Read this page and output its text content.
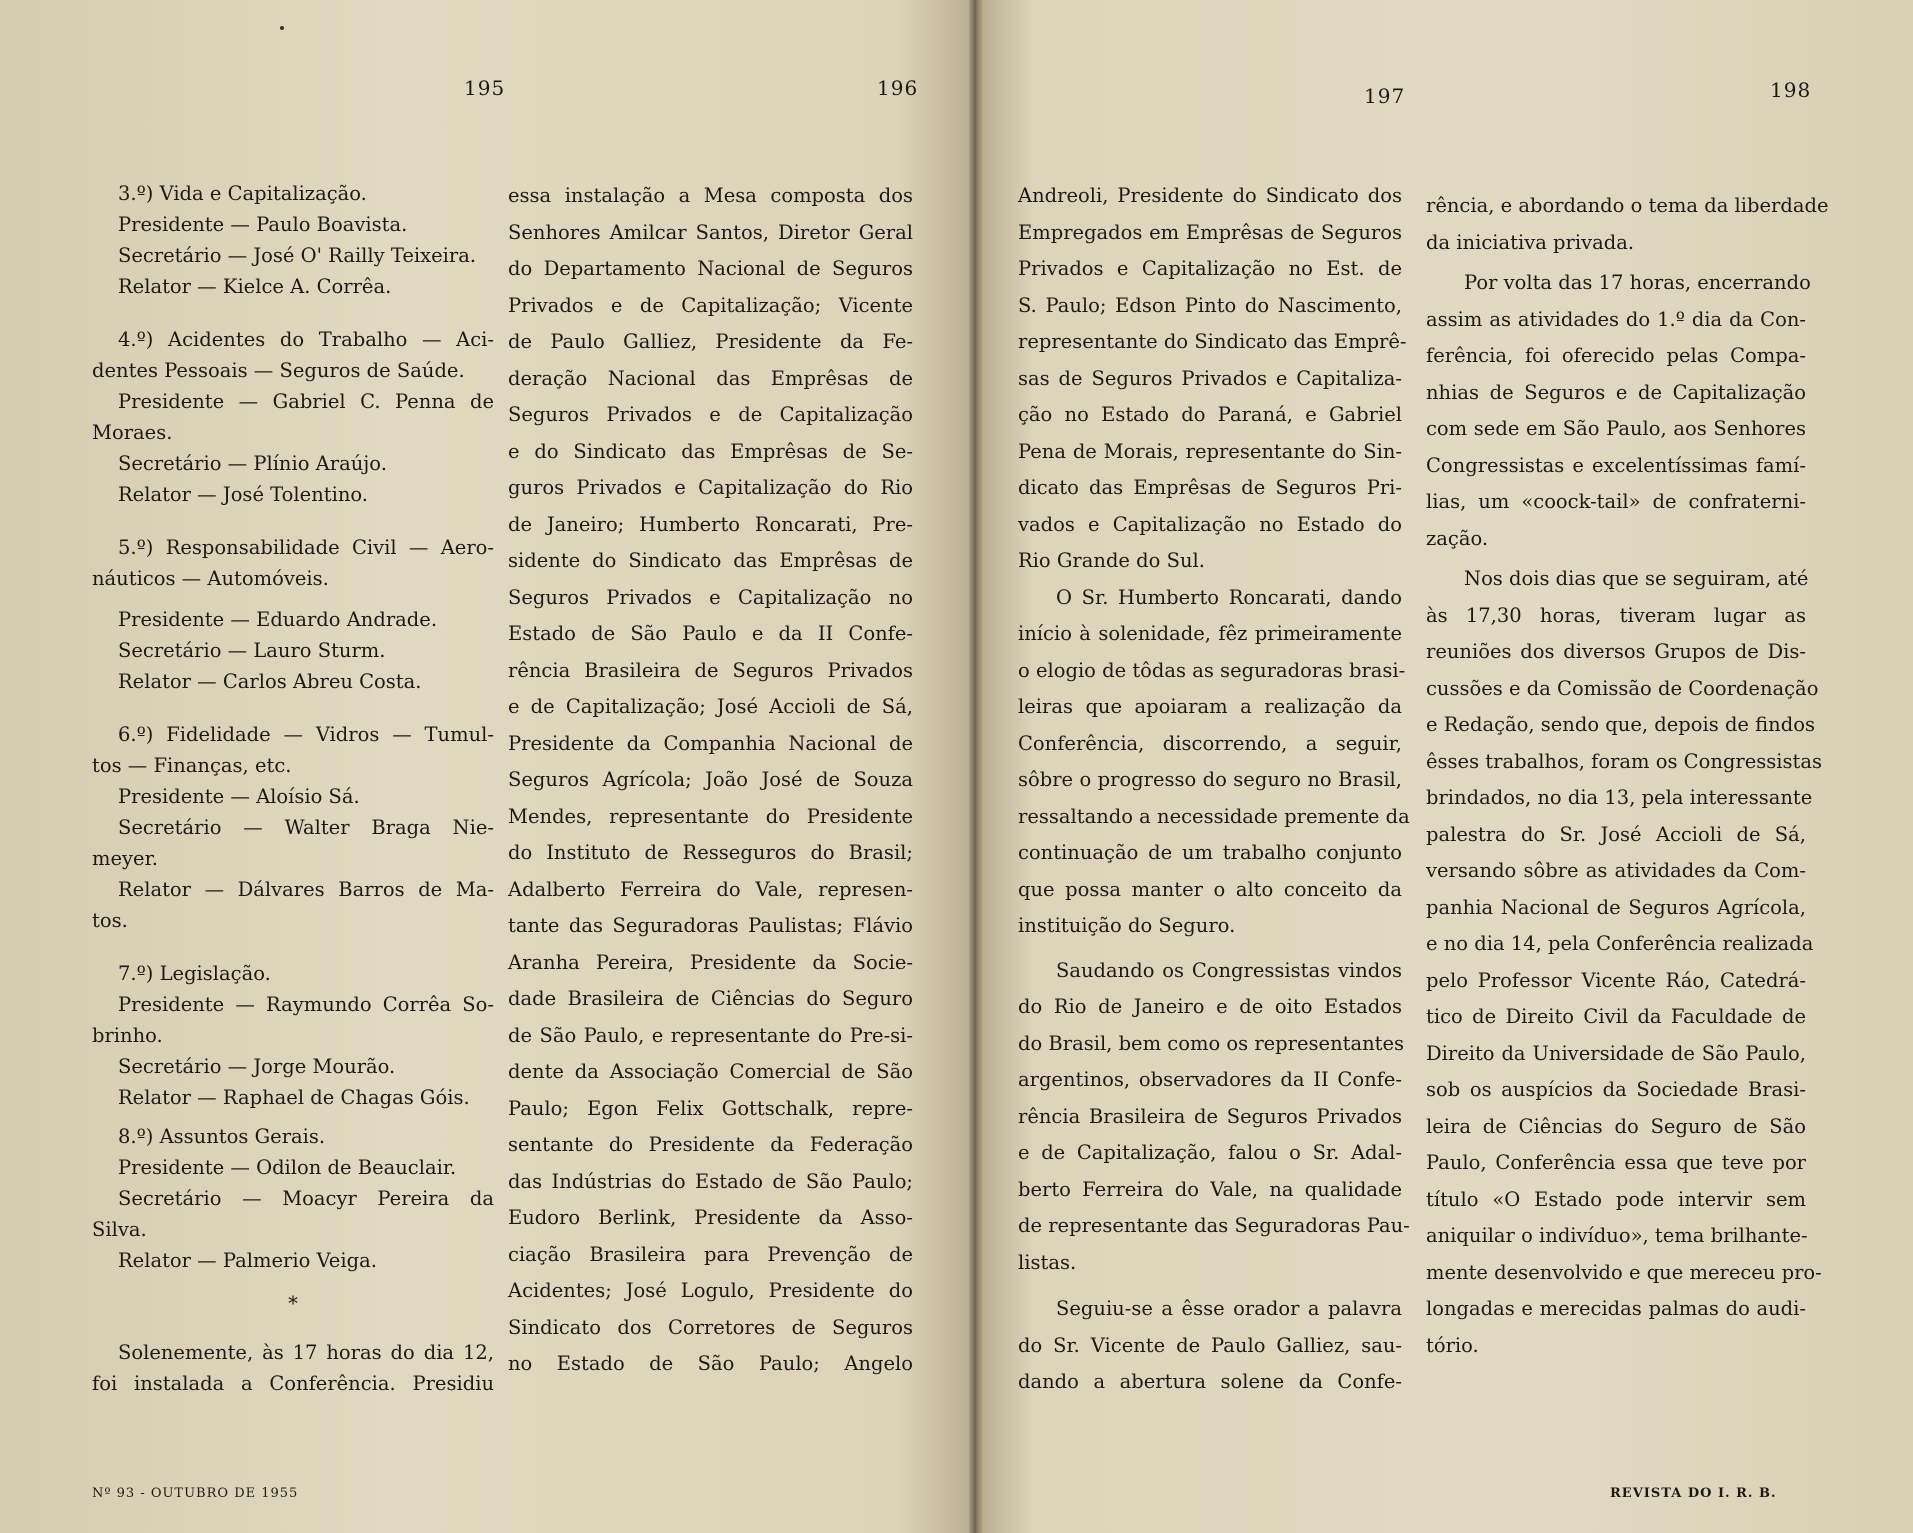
195	196	197	198

3.º) Vida e Capitalização.

Presidente — Paulo Boavista.

Secretário — José O' Railly Teixeira.

Relator — Kielce A. Corrêa.

4.º) Acidentes do Trabalho — Aci-

dentes Pessoais — Seguros de Saúde.

Presidente — Gabriel C. Penna de

Moraes.

Secretário — Plínio Araújo.

Relator — José Tolentino.

5.º) Responsabilidade Civil — Aero-

náuticos — Automóveis.

Presidente — Eduardo Andrade.

Secretário — Lauro Sturm.

Relator — Carlos Abreu Costa.

6.º) Fidelidade — Vidros — Tumul-

tos — Finanças, etc.

Presidente — Aloísio Sá.

Secretário — Walter Braga Nie-

meyer.

Relator — Dálvares Barros de Ma-

tos.

7.º) Legislação.

Presidente — Raymundo Corrêa So-

brinho.

Secretário — Jorge Mourão.

Relator — Raphael de Chagas Góis.

8.º) Assuntos Gerais.

Presidente — Odilon de Beauclair.

Secretário — Moacyr Pereira da

Silva.

Relator — Palmerio Veiga.

*

Solenemente, às 17 horas do dia 12,

foi instalada a Conferência. Presidiu

essa instalação a Mesa composta dos

Senhores Amilcar Santos, Diretor Geral

do Departamento Nacional de Seguros

Privados e de Capitalização; Vicente

de Paulo Galliez, Presidente da Fe-

deração Nacional das Emprêsas de

Seguros Privados e de Capitalização

e do Sindicato das Emprêsas de Se-

guros Privados e Capitalização do Rio

de Janeiro; Humberto Roncarati, Pre-

sidente do Sindicato das Emprêsas de

Seguros Privados e Capitalização no

Estado de São Paulo e da II Confe-

rência Brasileira de Seguros Privados

e de Capitalização; José Accioli de Sá,

Presidente da Companhia Nacional de

Seguros Agrícola; João José de Souza

Mendes, representante do Presidente

do Instituto de Resseguros do Brasil;

Adalberto Ferreira do Vale, represen-

tante das Seguradoras Paulistas; Flávio

Aranha Pereira, Presidente da Socie-

dade Brasileira de Ciências do Seguro

de São Paulo, e representante do Pre-si-

dente da Associação Comercial de São

Paulo; Egon Felix Gottschalk, repre-

sentante do Presidente da Federação

das Indústrias do Estado de São Paulo;

Eudoro Berlink, Presidente da Asso-

ciação Brasileira para Prevenção de

Acidentes; José Logulo, Presidente do

Sindicato dos Corretores de Seguros

no Estado de São Paulo; Angelo

Andreoli, Presidente do Sindicato dos

Empregados em Emprêsas de Seguros

Privados e Capitalização no Est. de

S. Paulo; Edson Pinto do Nascimento,

representante do Sindicato das Emprê-

sas de Seguros Privados e Capitaliza-

ção no Estado do Paraná, e Gabriel

Pena de Morais, representante do Sin-

dicato das Emprêsas de Seguros Pri-

vados e Capitalização no Estado do

Rio Grande do Sul.

O Sr. Humberto Roncarati, dando

início à solenidade, fêz primeiramente

o elogio de tôdas as seguradoras brasi-

leiras que apoiaram a realização da

Conferência, discorrendo, a seguir,

sôbre o progresso do seguro no Brasil,

ressaltando a necessidade premente da

continuação de um trabalho conjunto

que possa manter o alto conceito da

instituição do Seguro.

Saudando os Congressistas vindos

do Rio de Janeiro e de oito Estados

do Brasil, bem como os representantes

argentinos, observadores da II Confe-

rência Brasileira de Seguros Privados

e de Capitalização, falou o Sr. Adal-

berto Ferreira do Vale, na qualidade

de representante das Seguradoras Pau-

listas.

Seguiu-se a êsse orador a palavra

do Sr. Vicente de Paulo Galliez, sau-

dando a abertura solene da Confe-

rência, e abordando o tema da liberdade

da iniciativa privada.

Por volta das 17 horas, encerrando

assim as atividades do 1.º dia da Con-

ferência, foi oferecido pelas Compa-

nhias de Seguros e de Capitalização

com sede em São Paulo, aos Senhores

Congressistas e excelentíssimas famí-

lias, um «coock-tail» de confraterni-

zação.

Nos dois dias que se seguiram, até

às 17,30 horas, tiveram lugar as

reuniões dos diversos Grupos de Dis-

cussões e da Comissão de Coordenação

e Redação, sendo que, depois de findos

êsses trabalhos, foram os Congressistas

brindados, no dia 13, pela interessante

palestra do Sr. José Accioli de Sá,

versando sôbre as atividades da Com-

panhia Nacional de Seguros Agrícola,

e no dia 14, pela Conferência realizada

pelo Professor Vicente Ráo, Catedrá-

tico de Direito Civil da Faculdade de

Direito da Universidade de São Paulo,

sob os auspícios da Sociedade Brasi-

leira de Ciências do Seguro de São

Paulo, Conferência essa que teve por

título «O Estado pode intervir sem

aniquilar o indivíduo», tema brilhante-

mente desenvolvido e que mereceu pro-

longadas e merecidas palmas do audi-

tório.

Nº 93 - OUTUBRO DE 1955	REVISTA DO I. R. B.
